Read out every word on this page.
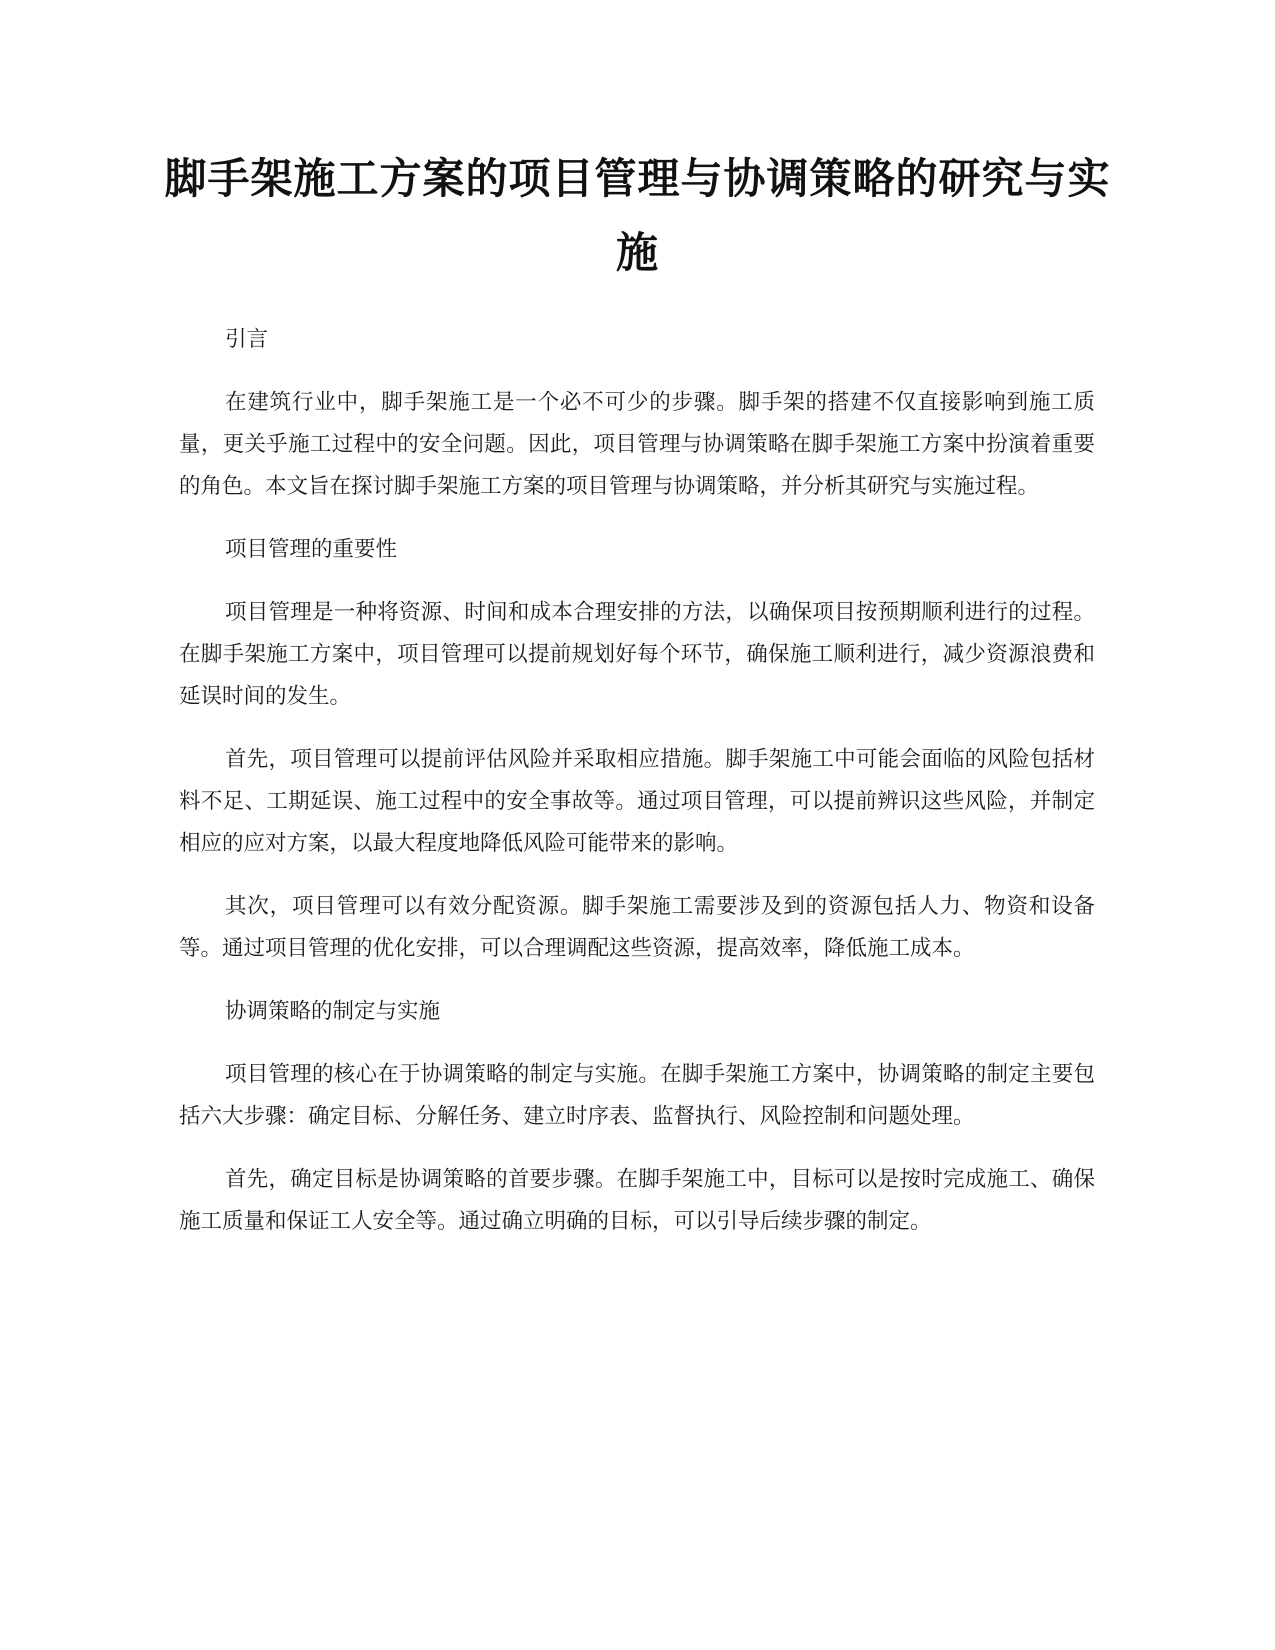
脚手架施工方案的项目管理与协调策略的研究与实施

引言

在建筑行业中，脚手架施工是一个必不可少的步骤。脚手架的搭建不仅直接影响到施工质量，更关乎施工过程中的安全问题。因此，项目管理与协调策略在脚手架施工方案中扮演着重要的角色。本文旨在探讨脚手架施工方案的项目管理与协调策略，并分析其研究与实施过程。

项目管理的重要性

项目管理是一种将资源、时间和成本合理安排的方法，以确保项目按预期顺利进行的过程。在脚手架施工方案中，项目管理可以提前规划好每个环节，确保施工顺利进行，减少资源浪费和延误时间的发生。

首先，项目管理可以提前评估风险并采取相应措施。脚手架施工中可能会面临的风险包括材料不足、工期延误、施工过程中的安全事故等。通过项目管理，可以提前辨识这些风险，并制定相应的应对方案，以最大程度地降低风险可能带来的影响。

其次，项目管理可以有效分配资源。脚手架施工需要涉及到的资源包括人力、物资和设备等。通过项目管理的优化安排，可以合理调配这些资源，提高效率，降低施工成本。

协调策略的制定与实施

项目管理的核心在于协调策略的制定与实施。在脚手架施工方案中，协调策略的制定主要包括六大步骤：确定目标、分解任务、建立时序表、监督执行、风险控制和问题处理。

首先，确定目标是协调策略的首要步骤。在脚手架施工中，目标可以是按时完成施工、确保施工质量和保证工人安全等。通过确立明确的目标，可以引导后续步骤的制定。
